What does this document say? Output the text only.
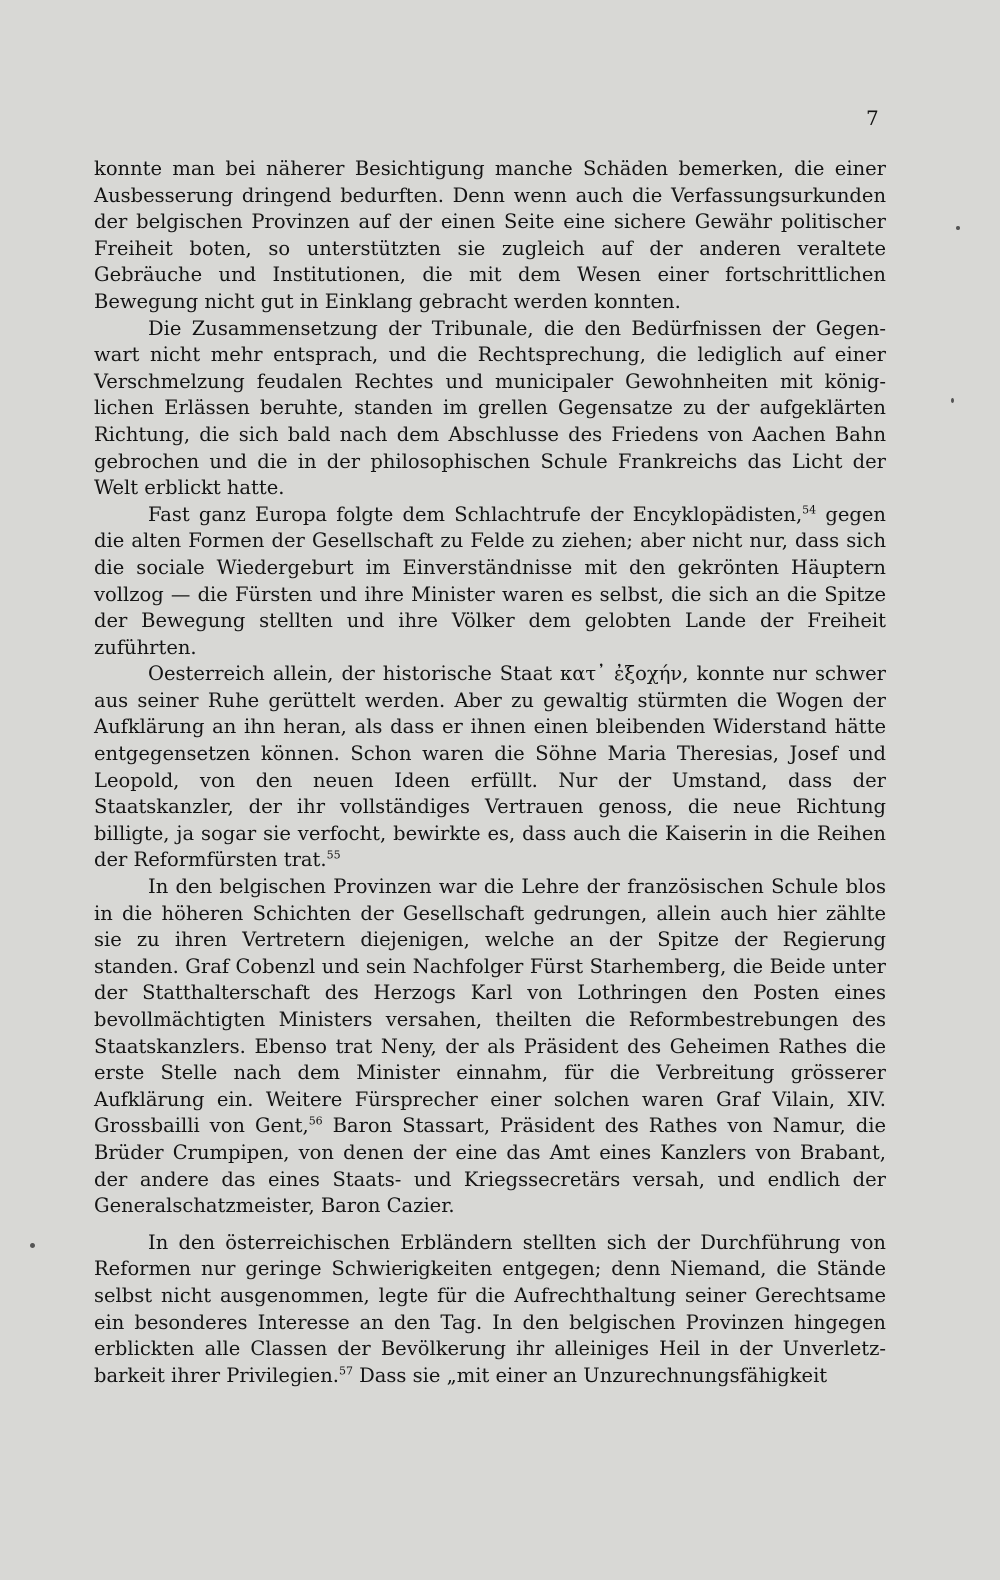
7

konnte man bei näherer Besichtigung manche Schäden bemerken, die einer Ausbesserung dringend bedurften. Denn wenn auch die Verfassungsurkunden der belgischen Provinzen auf der einen Seite eine sichere Gewähr politischer Freiheit boten, so unterstützten sie zugleich auf der anderen veraltete Gebräuche und Institutionen, die mit dem Wesen einer fortschrittlichen Bewegung nicht gut in Einklang gebracht werden konnten.

Die Zusammensetzung der Tribunale, die den Bedürfnissen der Gegenwart nicht mehr entsprach, und die Rechtsprechung, die lediglich auf einer Verschmelzung feudalen Rechtes und municipaler Gewohnheiten mit königlichen Erlässen beruhte, standen im grellen Gegensatze zu der aufgeklärten Richtung, die sich bald nach dem Abschlusse des Friedens von Aachen Bahn gebrochen und die in der philosophischen Schule Frankreichs das Licht der Welt erblickt hatte.

Fast ganz Europa folgte dem Schlachtrufe der Encyklopädisten,$^{54}$ gegen die alten Formen der Gesellschaft zu Felde zu ziehen; aber nicht nur, dass sich die sociale Wiedergeburt im Einverständnisse mit den gekrönten Häuptern vollzog — die Fürsten und ihre Minister waren es selbst, die sich an die Spitze der Bewegung stellten und ihre Völker dem gelobten Lande der Freiheit zuführten.

Oesterreich allein, der historische Staat κατ᾽ ἐξοχήν, konnte nur schwer aus seiner Ruhe gerüttelt werden. Aber zu gewaltig stürmten die Wogen der Aufklärung an ihn heran, als dass er ihnen einen bleibenden Widerstand hätte entgegensetzen können. Schon waren die Söhne Maria Theresias, Josef und Leopold, von den neuen Ideen erfüllt. Nur der Umstand, dass der Staatskanzler, der ihr vollständiges Vertrauen genoss, die neue Richtung billigte, ja sogar sie verfocht, bewirkte es, dass auch die Kaiserin in die Reihen der Reformfürsten trat.$^{55}$

In den belgischen Provinzen war die Lehre der französischen Schule blos in die höheren Schichten der Gesellschaft gedrungen, allein auch hier zählte sie zu ihren Vertretern diejenigen, welche an der Spitze der Regierung standen. Graf Cobenzl und sein Nachfolger Fürst Starhemberg, die Beide unter der Statthalterschaft des Herzogs Karl von Lothringen den Posten eines bevollmächtigten Ministers versahen, theilten die Reformbestrebungen des Staatskanzlers. Ebenso trat Neny, der als Präsident des Geheimen Rathes die erste Stelle nach dem Minister einnahm, für die Verbreitung grösserer Aufklärung ein. Weitere Fürsprecher einer solchen waren Graf Vilain, XIV. Grossbailli von Gent,$^{56}$ Baron Stassart, Präsident des Rathes von Namur, die Brüder Crumpipen, von denen der eine das Amt eines Kanzlers von Brabant, der andere das eines Staats- und Kriegssecretärs versah, und endlich der Generalschatzmeister, Baron Cazier.

In den österreichischen Erbländern stellten sich der Durchführung von Reformen nur geringe Schwierigkeiten entgegen; denn Niemand, die Stände selbst nicht ausgenommen, legte für die Aufrechthaltung seiner Gerechtsame ein besonderes Interesse an den Tag. In den belgischen Provinzen hingegen erblickten alle Classen der Bevölkerung ihr alleiniges Heil in der Unverletzbarkeit ihrer Privilegien.$^{57}$ Dass sie „mit einer an Unzurechnungsfähigkeit
